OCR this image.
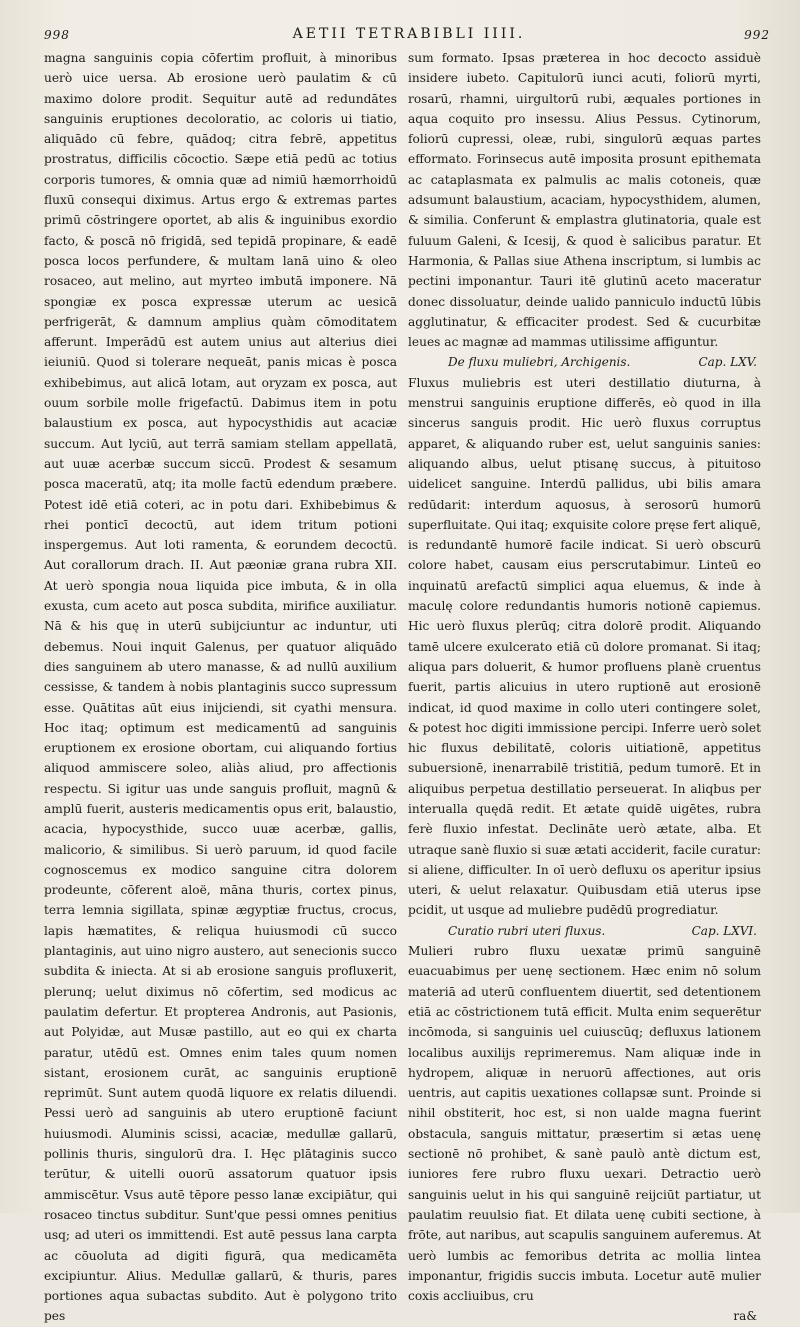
998	AETII TETRABIBLI IIII.	992

magna sanguinis copia cōfertim profluit, à minoribus uerò uice uersa. Ab erosione uerò paulatim & cū maximo dolore prodit. Sequitur autē ad redundātes sanguinis eruptiones decoloratio, ac coloris ui tiatio, aliquādo cū febre, quādoq; citra febrē, appetitus prostratus, difficilis cōcoctio. Sæpe etiā pedū ac totius corporis tumores, & omnia quæ ad nimiū hæmorrhoidū fluxū consequi diximus. Artus ergo & extremas partes primū cōstringere oportet, ab alis & inguinibus exordio facto, & poscā nō frigidā, sed tepidā propinare, & eadē posca locos perfundere, & multam lanā uino & oleo rosaceo, aut melino, aut myrteo imbutā imponere. Nā spongiæ ex posca expressæ uterum ac uesicā perfrigerāt, & damnum amplius quàm cōmoditatem afferunt. Imperādū est autem unius aut alterius diei ieiuniū. Quod si tolerare nequeāt, panis micas è posca exhibebimus, aut alicā lotam, aut oryzam ex posca, aut ouum sorbile molle frigefactū. Dabimus item in potu balaustium ex posca, aut hypocysthidis aut acaciæ succum. Aut lyciū, aut terrā samiam stellam appellatā, aut uuæ acerbæ succum siccū. Prodest & sesamum posca maceratū, atq; ita molle factū edendum præbere. Potest idē etiā coteri, ac in potu dari. Exhibebimus & rhei ponticī decoctū, aut idem tritum potioni inspergemus. Aut loti ramenta, & eorundem decoctū. Aut corallorum drach. II. Aut pæoniæ grana rubra XII. At uerò spongia noua liquida pice imbuta, & in olla exusta, cum aceto aut posca subdita, mirifice auxiliatur. Nā & his quę in uterū subijciuntur ac induntur, uti debemus. Noui inquit Galenus, per quatuor aliquādo dies sanguinem ab utero manasse, & ad nullū auxilium cessisse, & tandem à nobis plantaginis succo supressum esse. Quātitas aūt eius inijciendi, sit cyathi mensura. Hoc itaq; optimum est medicamentū ad sanguinis eruptionem ex erosione obortam, cui aliquando fortius aliquod ammiscere soleo, aliàs aliud, pro affectionis respectu. Si igitur uas unde sanguis profluit, magnū & amplū fuerit, austeris medicamentis opus erit, balaustio, acacia, hypocysthide, succo uuæ acerbæ, gallis, malicorio, & similibus. Si uerò paruum, id quod facile cognoscemus ex modico sanguine citra dolorem prodeunte, cōferent aloë, māna thuris, cortex pinus, terra lemnia sigillata, spinæ ægyptiæ fructus, crocus, lapis hæmatites, & reliqua huiusmodi cū succo plantaginis, aut uino nigro austero, aut senecionis succo subdita & iniecta. At si ab erosione sanguis profluxerit, plerunq; uelut diximus nō cōfertim, sed modicus ac paulatim defertur. Et propterea Andronis, aut Pasionis, aut Polyidæ, aut Musæ pastillo, aut eo qui ex charta paratur, utēdū est. Omnes enim tales quum nomen sistant, erosionem curāt, ac sanguinis eruptionē reprimūt. Sunt autem quodā liquore ex relatis diluendi. Pessi uerò ad sanguinis ab utero eruptionē faciunt huiusmodi. Aluminis scissi, acaciæ, medullæ gallarū, pollinis thuris, singulorū dra. I. Hęc plātaginis succo terūtur, & uitelli ouorū assatorum quatuor ipsis ammiscētur. Vsus autē tēpore pesso lanæ excipiātur, qui rosaceo tinctus subditur. Sunt'que pessi omnes penitius usq; ad uteri os immittendi. Est autē pessus lana carpta ac cōuoluta ad digiti figurā, qua medicamēta excipiuntur. Alius. Medullæ gallarū, & thuris, pares portiones aqua subactas subdito. Aut è polygono trito pes

sum formato. Ipsas præterea in hoc decocto assiduè insidere iubeto. Capitulorū iunci acuti, foliorū myrti, rosarū, rhamni, uirgultorū rubi, æquales portiones in aqua coquito pro insessu. Alius Pessus. Cytinorum, foliorū cupressi, oleæ, rubi, singulorū æquas partes efformato. Forinsecus autē imposita prosunt epithemata ac cataplasmata ex palmulis ac malis cotoneis, quæ adsumunt balaustium, acaciam, hypocysthidem, alumen, & similia. Conferunt & emplastra glutinatoria, quale est fuluum Galeni, & Icesij, & quod è salicibus paratur. Et Harmonia, & Pallas siue Athena inscriptum, si lumbis ac pectini imponantur. Tauri itē glutinū aceto maceratur donec dissoluatur, deinde ualido panniculo inductū lūbis agglutinatur, & efficaciter prodest. Sed & cucurbitæ leues ac magnæ ad mammas utilissime affiguntur.

De fluxu muliebri, Archigenis.	Cap. LXV.

Fluxus muliebris est uteri destillatio diuturna, à menstrui sanguinis eruptione differēs, eò quod in illa sincerus sanguis prodit. Hic uerò fluxus corruptus apparet, & aliquando ruber est, uelut sanguinis sanies: aliquando albus, uelut ptisanę succus, à pituitoso uidelicet sanguine. Interdū pallidus, ubi bilis amara redūdarit: interdum aquosus, à serosorū humorū superfluitate. Qui itaq; exquisite colore pręse fert aliquē, is redundantē humorē facile indicat. Si uerò obscurū colore habet, causam eius perscrutabimur. Linteū eo inquinatū arefactū simplici aqua eluemus, & inde à maculę colore redundantis humoris notionē capiemus. Hic uerò fluxus plerūq; citra dolorē prodit. Aliquando tamē ulcere exulcerato etiā cū dolore promanat. Si itaq; aliqua pars doluerit, & humor profluens planè cruentus fuerit, partis alicuius in utero ruptionē aut erosionē indicat, id quod maxime in collo uteri contingere solet, & potest hoc digiti immissione percipi. Inferre uerò solet hic fluxus debilitatē, coloris uitiationē, appetitus subuersionē, inenarrabilē tristitiā, pedum tumorē. Et in aliquibus perpetua destillatio perseuerat. In aliqbus per interualla quędā redit. Et ætate quidē uigētes, rubra ferè fluxio infestat. Declināte uerò ætate, alba. Et utraque sanè fluxio si suæ ætati acciderit, facile curatur: si aliene, difficulter. In oī uerò defluxu os aperitur ipsius uteri, & uelut relaxatur. Quibusdam etiā uterus ipse pcidit, ut usque ad muliebre pudēdū progrediatur.

Curatio rubri uteri fluxus.	Cap. LXVI.

Mulieri rubro fluxu uexatæ primū sanguinē euacuabimus per uenę sectionem. Hæc enim nō solum materiā ad uterū confluentem diuertit, sed detentionem etiā ac cōstrictionem tutā efficit. Multa enim sequerētur incōmoda, si sanguinis uel cuiuscūq; defluxus lationem localibus auxilijs reprimeremus. Nam aliquæ inde in hydropem, aliquæ in neruorū affectiones, aut oris uentris, aut capitis uexationes collapsæ sunt. Proinde si nihil obstiterit, hoc est, si non ualde magna fuerint obstacula, sanguis mittatur, præsertim si ætas uenę sectionē nō prohibet, & sanè paulò antè dictum est, iuniores fere rubro fluxu uexari. Detractio uerò sanguinis uelut in his qui sanguinē reijciūt partiatur, ut paulatim reuulsio fiat. Et dilata uenę cubiti sectione, à frōte, aut naribus, aut scapulis sanguinem auferemus. At uerò lumbis ac femoribus detrita ac mollia lintea imponantur, frigidis succis imbuta. Locetur autē mulier coxis accliuibus, cru

ra&
